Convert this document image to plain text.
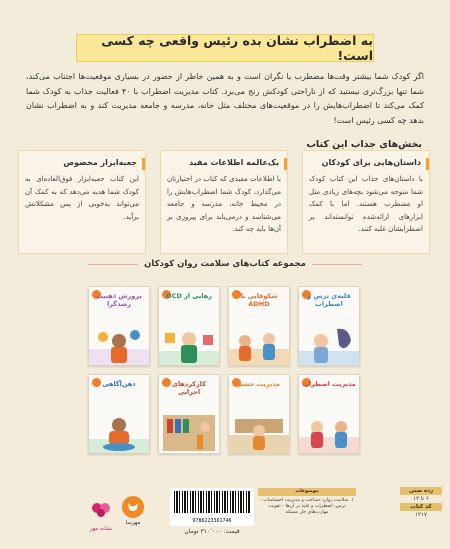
به اضطراب نشان بده رئیس واقعی چه کسی است!
اگر کودک شما بیشتر وقت‌ها مضطرب یا نگران است و به همین خاطر از حضور در بسیاری موقعیت‌ها اجتناب می‌کند، شما تنها بزرگ‌تری نیستید که از ناراحتی کودکش رنج می‌برد. کتاب مدیریت اضطراب با ۴۰ فعالیت جذاب به کودک شما کمک می‌کند تا اضطراب‌هایش را در موقعیت‌های مختلف مثل خانه، مدرسه و جامعه مدیریت کند و به اضطراب نشان بدهد چه کسی رئیس است!
بخش‌های جذاب این کتاب
داستان‌هایی برای کودکان
با داستان‌های جذاب این کتاب کودک شما متوجه می‌شود بچه‌های زیادی مثل او مضطرب هستند. اما با کمک ابزارهای ارائه‌شده توانسته‌اند بر اضطرابشان غلبه کنند.
یک‌عالمه اطلاعات مفید
با اطلاعات مفیدی که کتاب در اختیارتان می‌گذارد، کودک شما اضطراب‌هایش را در محیط خانه، مدرسه و جامعه می‌شناسد و درمی‌یابد برای پیروزی بر آن‌ها باید چه کند.
جعبه‌ابزار مخصوص
این کتاب جعبه‌ابزار فوق‌العاده‌ای به کودک شما هدیه می‌دهد که به کمک آن می‌تواند به‌خوبی از پس مشکلاتش برآید.
مجموعه کتاب‌های سلامت روان کودکان
قلبه‌ی ترس و اضطراب
شکوفایی با ADHD
رهایی از OCD
پرورش ذهنیت رشدگرا
مدیریت اضطراب
مدیریت خشم
کارکردهای اجرایی
ذهن‌آگاهی
رده سنی
۶ تا ۱۲
کد کتاب
۱۲۱۷
موضوعات
۱. سلامت روان- شناخت و مدیریت احساسات - ترس، اضطراب و غلبه بر آن‌ها - تقویت مهارت‌های حل مسئله
9786223361746
قیمت: ۳۱۰٬۰۰۰ تومان
مهرسا
نشانه مهر
